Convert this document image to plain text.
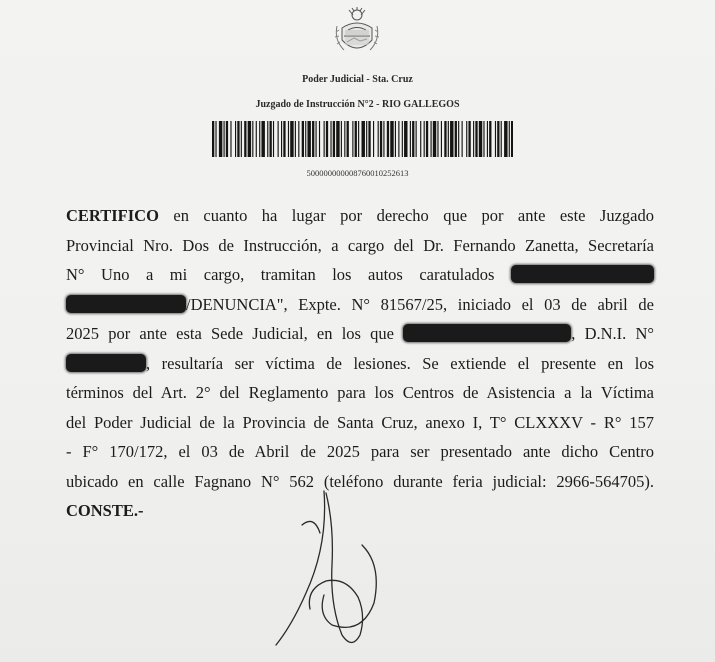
Poder Judicial - Sta. Cruz
Juzgado de Instrucción N°2 - RIO GALLEGOS
500000000008760010252613
CERTIFICO en cuanto ha lugar por derecho que por ante este Juzgado
Provincial Nro. Dos de Instrucción, a cargo del Dr. Fernando Zanetta, Secretaría
N° Uno a mi cargo, tramitan los autos caratulados
/DENUNCIA", Expte. N° 81567/25, iniciado el 03 de abril de
2025 por ante esta Sede Judicial, en los que	, D.N.I. N°
, resultaría ser víctima de lesiones. Se extiende el presente en los
términos del Art. 2° del Reglamento para los Centros de Asistencia a la Víctima
del Poder Judicial de la Provincia de Santa Cruz, anexo I, T° CLXXXV - R° 157
- F° 170/172, el 03 de Abril de 2025 para ser presentado ante dicho Centro
ubicado en calle Fagnano N° 562 (teléfono durante feria judicial: 2966-564705).
CONSTE.-
